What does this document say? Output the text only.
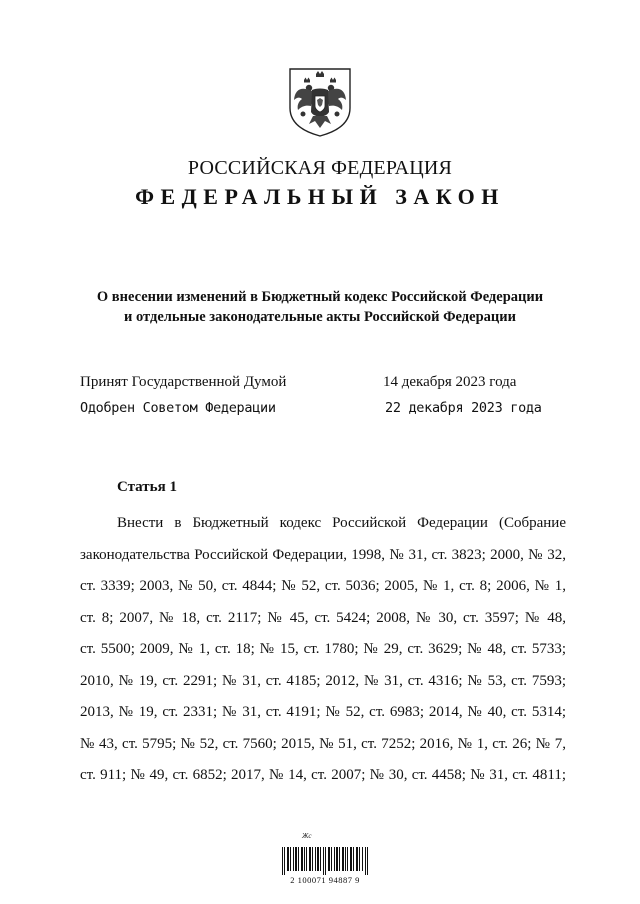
РОССИЙСКАЯ ФЕДЕРАЦИЯ
ФЕДЕРАЛЬНЫЙ ЗАКОН
О внесении изменений в Бюджетный кодекс Российской Федерации
и отдельные законодательные акты Российской Федерации
Принят Государственной Думой	14 декабря 2023 года
Одобрен Советом Федерации	22 декабря 2023 года
Статья 1
Внести в Бюджетный кодекс Российской Федерации (Собрание
законодательства Российской Федерации, 1998, № 31, ст. 3823; 2000, № 32,
ст. 3339; 2003, № 50, ст. 4844; № 52, ст. 5036; 2005, № 1, ст. 8; 2006, № 1,
ст. 8; 2007, № 18, ст. 2117; № 45, ст. 5424; 2008, № 30, ст. 3597; № 48,
ст. 5500; 2009, № 1, ст. 18; № 15, ст. 1780; № 29, ст. 3629; № 48, ст. 5733;
2010, № 19, ст. 2291; № 31, ст. 4185; 2012, № 31, ст. 4316; № 53, ст. 7593;
2013, № 19, ст. 2331; № 31, ст. 4191; № 52, ст. 6983; 2014, № 40, ст. 5314;
№ 43, ст. 5795; № 52, ст. 7560; 2015, № 51, ст. 7252; 2016, № 1, ст. 26; № 7,
ст. 911; № 49, ст. 6852; 2017, № 14, ст. 2007; № 30, ст. 4458; № 31, ст. 4811;
Жс
2 100071 94887 9
